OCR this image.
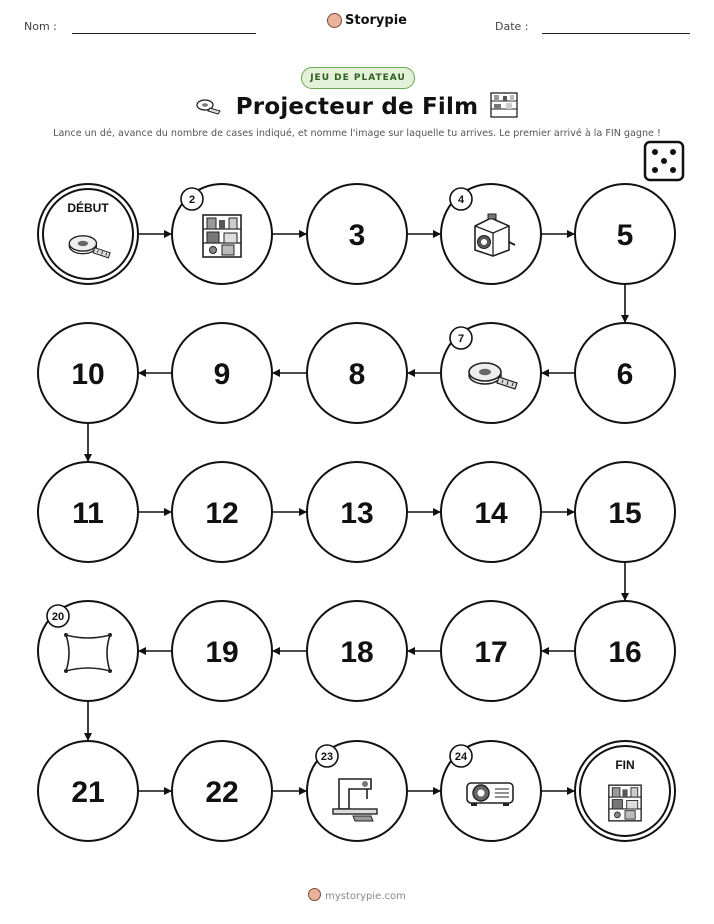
Nom :	Storypie	Date :
JEU DE PLATEAU
Projecteur de Film
Lance un dé, avance du nombre de cases indiqué, et nomme l'image sur laquelle tu arrives. Le premier arrivé à la FIN gagne !
DÉBUT
2
3
4
5
6
7
8
9
10
11	12	13	14	15
16
17
18
19
20
21	22
23	24
FIN
mystorypie.com
